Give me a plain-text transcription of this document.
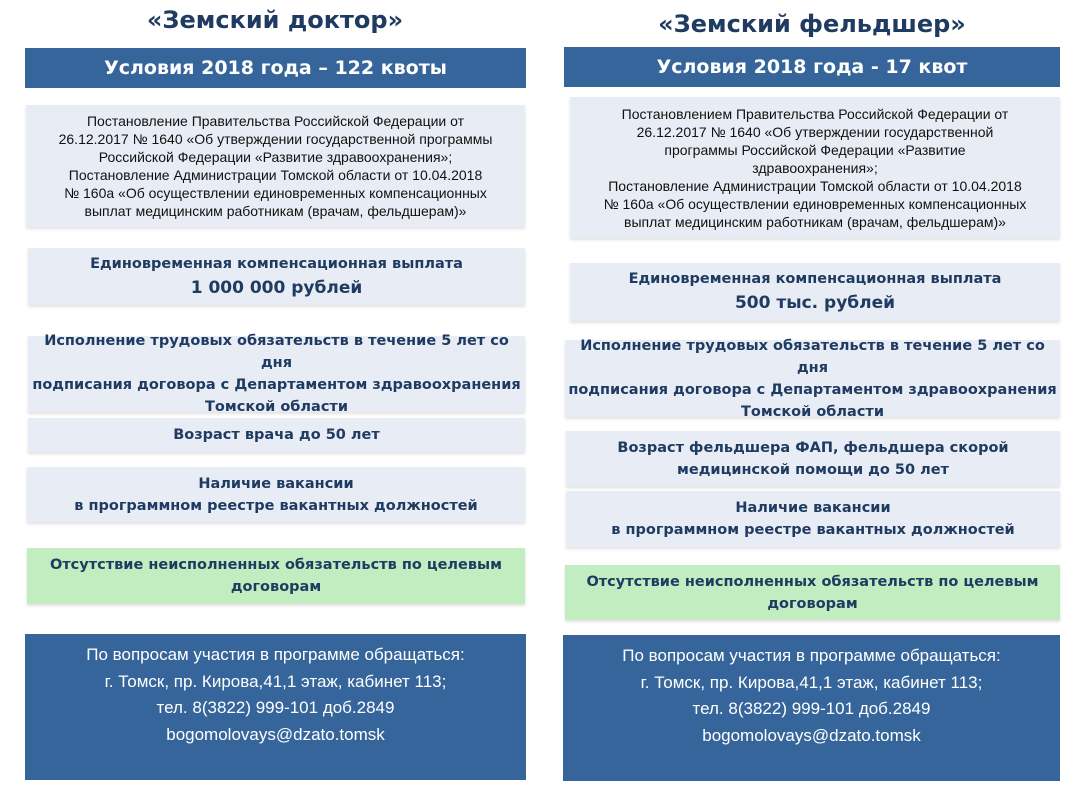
«Земский доктор»
Условия 2018 года – 122 квоты
Постановление Правительства Российской Федерации от
26.12.2017 № 1640 «Об утверждении государственной программы
Российской Федерации «Развитие здравоохранения»;
Постановление Администрации Томской области от 10.04.2018
№ 160а «Об осуществлении единовременных компенсационных
выплат медицинским работникам (врачам, фельдшерам)»
Единовременная компенсационная выплата
1 000 000 рублей
Исполнение трудовых обязательств в течение 5 лет со дня
подписания договора с Департаментом здравоохранения
Томской области
Возраст врача до 50 лет
Наличие вакансии
в программном реестре вакантных должностей
Отсутствие неисполненных обязательств по целевым
договорам
По вопросам участия в программе обращаться:
г. Томск, пр. Кирова,41,1 этаж, кабинет 113;
тел. 8(3822) 999-101 доб.2849
bogomolovays@dzato.tomsk
«Земский фельдшер»
Условия 2018 года - 17 квот
Постановлением Правительства Российской Федерации от
26.12.2017 № 1640 «Об утверждении государственной
программы Российской Федерации «Развитие
здравоохранения»;
Постановление Администрации Томской области от 10.04.2018
№ 160а «Об осуществлении единовременных компенсационных
выплат медицинским работникам (врачам, фельдшерам)»
Единовременная компенсационная выплата
500 тыс. рублей
Исполнение трудовых обязательств в течение 5 лет со дня
подписания договора с Департаментом здравоохранения
Томской области
Возраст фельдшера ФАП, фельдшера скорой
медицинской помощи до 50 лет
Наличие вакансии
в программном реестре вакантных должностей
Отсутствие неисполненных обязательств по целевым
договорам
По вопросам участия в программе обращаться:
г. Томск, пр. Кирова,41,1 этаж, кабинет 113;
тел. 8(3822) 999-101 доб.2849
bogomolovays@dzato.tomsk
